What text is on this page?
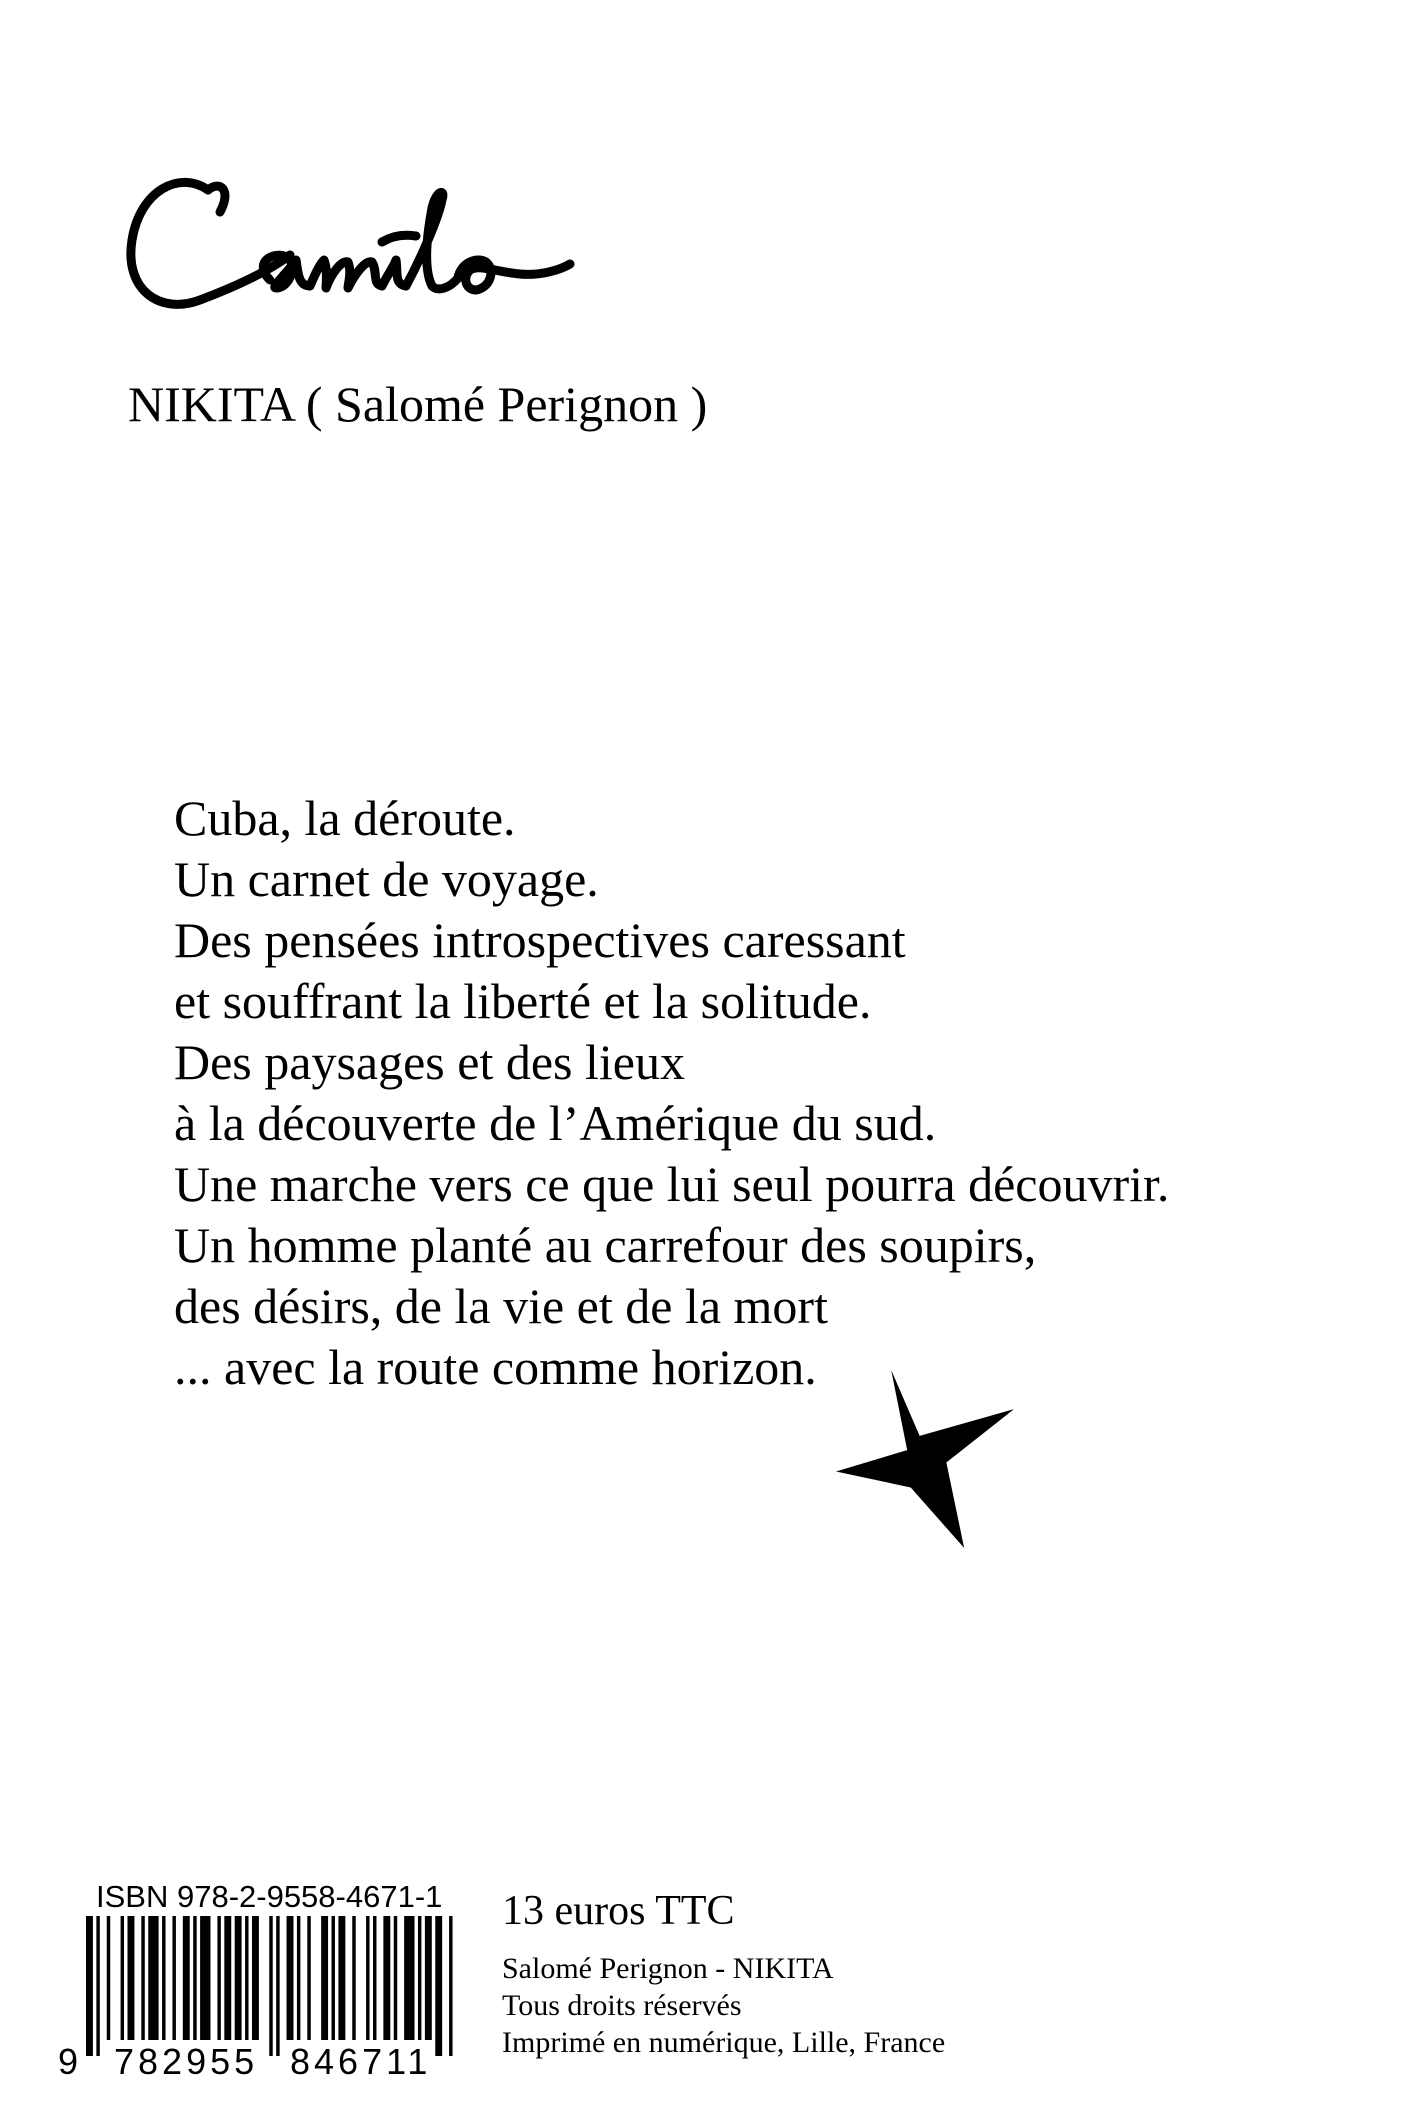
NIKITA ( Salomé Perignon )
Cuba, la déroute.
Un carnet de voyage.
Des pensées introspectives caressant
et souffrant la liberté et la solitude.
Des paysages et des lieux
à la découverte de l’Amérique du sud.
Une marche vers ce que lui seul pourra découvrir.
Un homme planté au carrefour des soupirs,
des désirs, de la vie et de la mort
... avec la route comme horizon.
ISBN 978-2-9558-4671-1
9 782955 846711
13 euros TTC
Salomé Perignon - NIKITA
Tous droits réservés
Imprimé en numérique, Lille, France
